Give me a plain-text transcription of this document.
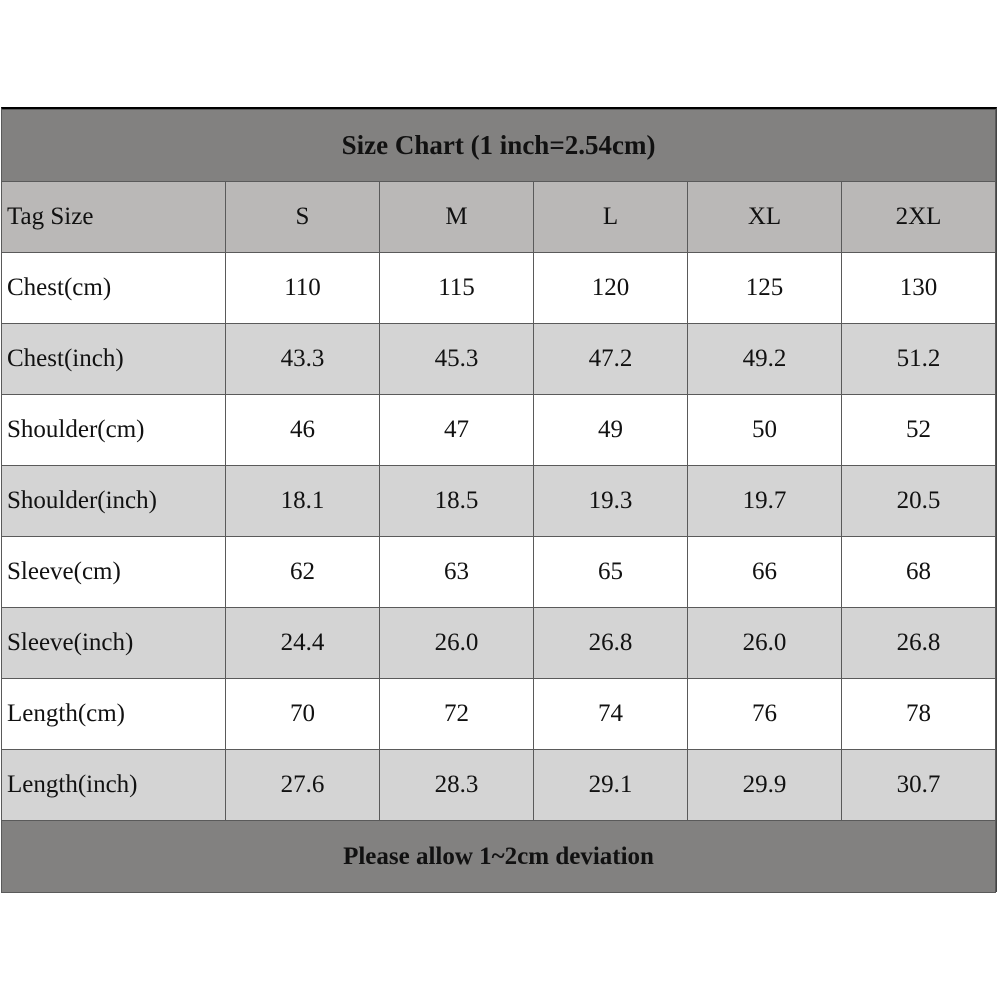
Size Chart (1 inch=2.54cm)					
Tag Size	S	M	L	XL	2XL
Chest(cm)	110	115	120	125	130
Chest(inch)	43.3	45.3	47.2	49.2	51.2
Shoulder(cm)	46	47	49	50	52
Shoulder(inch)	18.1	18.5	19.3	19.7	20.5
Sleeve(cm)	62	63	65	66	68
Sleeve(inch)	24.4	26.0	26.8	26.0	26.8
Length(cm)	70	72	74	76	78
Length(inch)	27.6	28.3	29.1	29.9	30.7
Please allow 1~2cm deviation					
